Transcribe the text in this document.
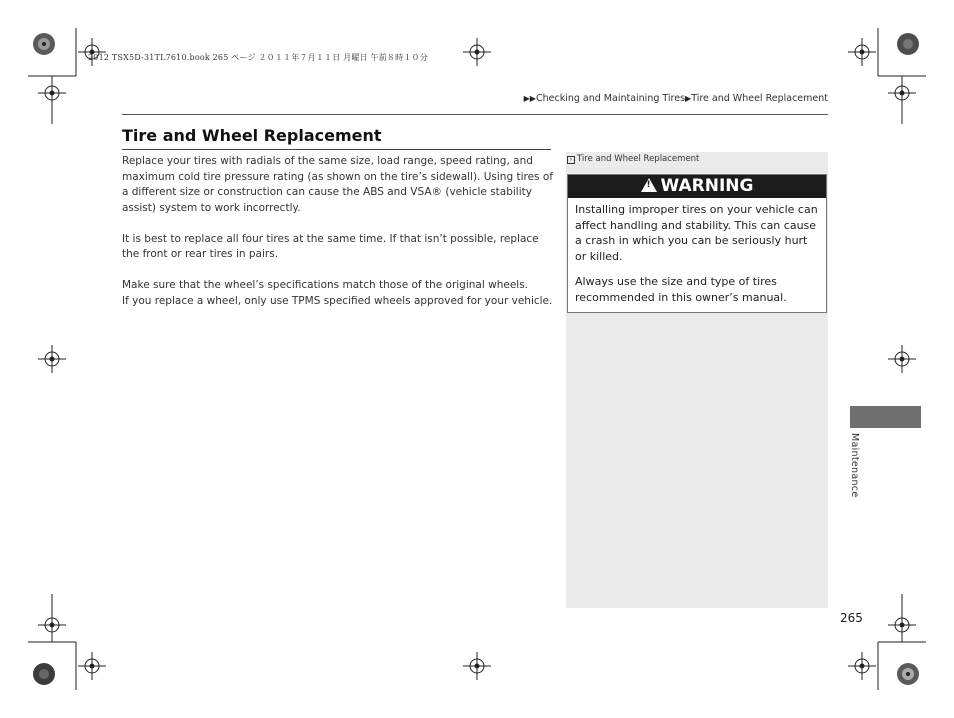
2012 TSX5D-31TL7610.book 265 ページ ２０１１年７月１１日 月曜日 午前８時１０分
▶▶Checking and Maintaining Tires▶Tire and Wheel Replacement
Tire and Wheel Replacement

Replace your tires with radials of the same size, load range, speed rating, and maximum cold tire pressure rating (as shown on the tire’s sidewall). Using tires of a different size or construction can cause the ABS and VSA® (vehicle stability assist) system to work incorrectly.

It is best to replace all four tires at the same time. If that isn’t possible, replace the front or rear tires in pairs.

Make sure that the wheel’s specifications match those of the original wheels.
If you replace a wheel, only use TPMS specified wheels approved for your vehicle.

› Tire and Wheel Replacement
! WARNING

Installing improper tires on your vehicle can affect handling and stability. This can cause a crash in which you can be seriously hurt or killed.

Always use the size and type of tires recommended in this owner’s manual.

Maintenance
265
